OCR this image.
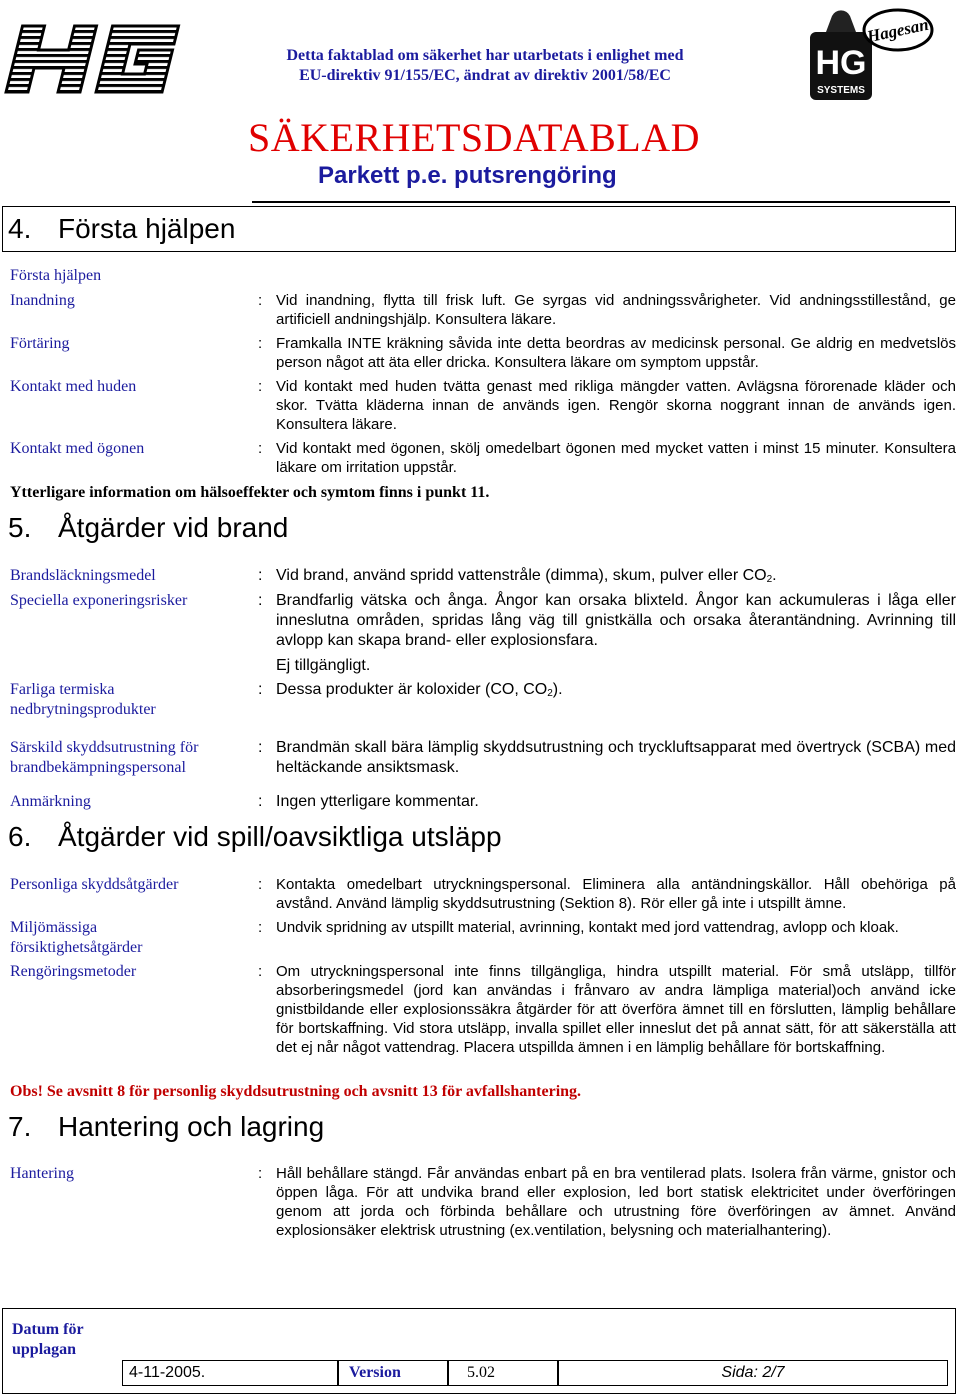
Detta faktablad om säkerhet har utarbetats i enlighet med
EU-direktiv 91/155/EC, ändrat av direktiv 2001/58/EC
SÄKERHETSDATABLAD
Parkett p.e. putsrengöring
HG
SYSTEMS
Hagesan
4. Första hjälpen
Första hjälpen
Inandning	: Vid inandning, flytta till frisk luft. Ge syrgas vid andningssvårigheter. Vid andningsstillestånd, ge artificiell andningshjälp. Konsultera läkare.
Förtäring	: Framkalla INTE kräkning såvida inte detta beordras av medicinsk personal. Ge aldrig en medvetslös person något att äta eller dricka. Konsultera läkare om symptom uppstår.
Kontakt med huden	: Vid kontakt med huden tvätta genast med rikliga mängder vatten. Avlägsna förorenade kläder och skor. Tvätta kläderna innan de används igen. Rengör skorna noggrant innan de används igen. Konsultera läkare.
Kontakt med ögonen	: Vid kontakt med ögonen, skölj omedelbart ögonen med mycket vatten i minst 15 minuter. Konsultera läkare om irritation uppstår.
Ytterligare information om hälsoeffekter och symtom finns i punkt 11.
5. Åtgärder vid brand
Brandsläckningsmedel	: Vid brand, använd spridd vattenstråle (dimma), skum, pulver eller $CO_2$.
Speciella exponeringsrisker	: Brandfarlig vätska och ånga. Ångor kan orsaka blixteld. Ångor kan ackumuleras i låga eller inneslutna områden, spridas lång väg till gnistkälla och orsaka återantändning. Avrinning till avlopp kan skapa brand- eller explosionsfara.
Ej tillgängligt.
Farliga termiska nedbrytningsprodukter
: Dessa produkter är koloxider (CO, $CO_2$).
Särskild skyddsutrustning för brandbekämpningspersonal
: Brandmän skall bära lämplig skyddsutrustning och tryckluftsapparat med övertryck (SCBA) med heltäckande ansiktsmask.
Anmärkning	: Ingen ytterligare kommentar.
6. Åtgärder vid spill/oavsiktliga utsläpp
Personliga skyddsåtgärder	: Kontakta omedelbart utryckningspersonal. Eliminera alla antändningskällor. Håll obehöriga på avstånd. Använd lämplig skyddsutrustning (Sektion 8). Rör eller gå inte i utspillt ämne.
Miljömässiga försiktighetsåtgärder
: Undvik spridning av utspillt material, avrinning, kontakt med jord vattendrag, avlopp och kloak.
Rengöringsmetoder	: Om utryckningspersonal inte finns tillgängliga, hindra utspillt material. För små utsläpp, tillför absorberingsmedel (jord kan användas i frånvaro av andra lämpliga material)och använd icke gnistbildande eller explosionssäkra åtgärder för att överföra ämnet till en förslutten, lämplig behållare för bortskaffning. Vid stora utsläpp, invalla spillet eller inneslut det på annat sätt, för att säkerställa att det ej når något vattendrag. Placera utspillda ämnen i en lämplig behållare för bortskaffning.
Obs! Se avsnitt 8 för personlig skyddsutrustning och avsnitt 13 för avfallshantering.
7. Hantering och lagring
Hantering	: Håll behållare stängd. Får användas enbart på en bra ventilerad plats. Isolera från värme, gnistor och öppen låga. För att undvika brand eller explosion, led bort statisk elektricitet under överföringen genom att jorda och förbinda behållare och utrustning före överföringen av ämnet. Använd explosionsäker elektrisk utrustning (ex.ventilation, belysning och materialhantering).
Datum för upplagan
4-11-2005.	Version	5.02	Sida: 2/7
